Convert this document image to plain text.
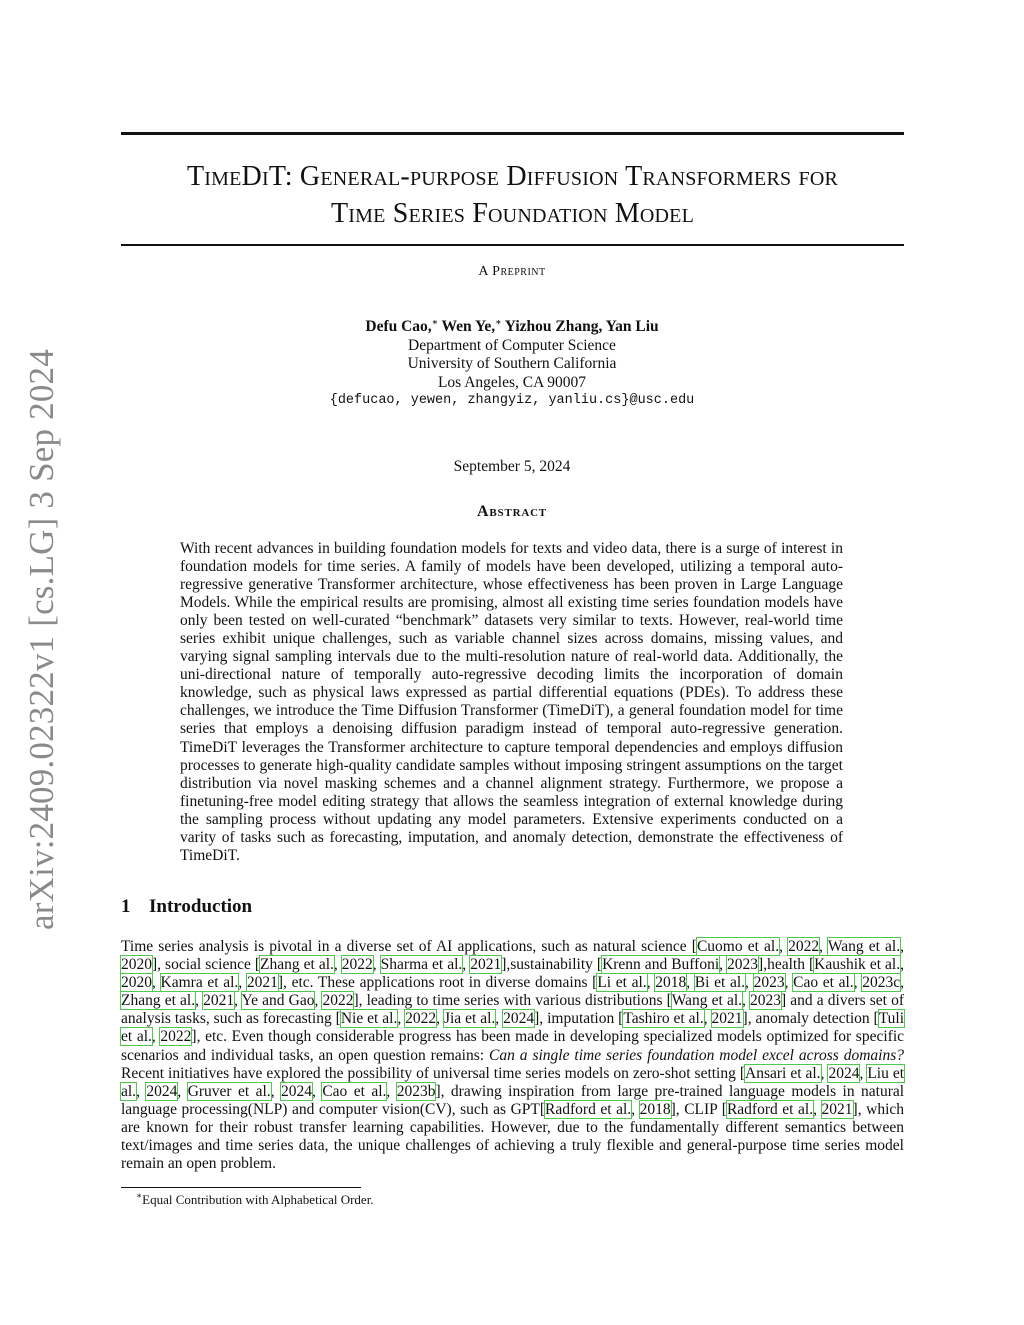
arXiv:2409.02322v1 [cs.LG] 3 Sep 2024
TimeDiT: General-purpose Diffusion Transformers for
Time Series Foundation Model
A Preprint
Defu Cao,∗ Wen Ye,∗ Yizhou Zhang, Yan Liu
Department of Computer Science
University of Southern California
Los Angeles, CA 90007
{defucao, yewen, zhangyiz, yanliu.cs}@usc.edu
September 5, 2024
Abstract
With recent advances in building foundation models for texts and video data, there is a surge of interest in foundation models for time series. A family of models have been developed, utilizing a temporal auto-regressive generative Transformer architecture, whose effectiveness has been proven in Large Language Models. While the empirical results are promising, almost all existing time series foundation models have only been tested on well-curated “benchmark” datasets very similar to texts. However, real-world time series exhibit unique challenges, such as variable channel sizes across domains, missing values, and varying signal sampling intervals due to the multi-resolution nature of real-world data. Additionally, the uni-directional nature of temporally auto-regressive decoding limits the incorporation of domain knowledge, such as physical laws expressed as partial differential equations (PDEs). To address these challenges, we introduce the Time Diffusion Transformer (TimeDiT), a general foundation model for time series that employs a denoising diffusion paradigm instead of temporal auto-regressive generation. TimeDiT leverages the Transformer architecture to capture temporal dependencies and employs diffusion processes to generate high-quality candidate samples without imposing stringent assumptions on the target distribution via novel masking schemes and a channel alignment strategy. Furthermore, we propose a finetuning-free model editing strategy that allows the seamless integration of external knowledge during the sampling process without updating any model parameters. Extensive experiments conducted on a varity of tasks such as forecasting, imputation, and anomaly detection, demonstrate the effectiveness of TimeDiT.
1 Introduction
Time series analysis is pivotal in a diverse set of AI applications, such as natural science [Cuomo et al., 2022, Wang et al., 2020], social science [Zhang et al., 2022, Sharma et al., 2021],sustainability [Krenn and Buffoni, 2023],health [Kaushik et al., 2020, Kamra et al., 2021], etc. These applications root in diverse domains [Li et al., 2018, Bi et al., 2023, Cao et al., 2023c, Zhang et al., 2021, Ye and Gao, 2022], leading to time series with various distributions [Wang et al., 2023] and a divers set of analysis tasks, such as forecasting [Nie et al., 2022, Jia et al., 2024], imputation [Tashiro et al., 2021], anomaly detection [Tuli et al., 2022], etc. Even though considerable progress has been made in developing specialized models optimized for specific scenarios and individual tasks, an open question remains: Can a single time series foundation model excel across domains? Recent initiatives have explored the possibility of universal time series models on zero-shot setting [Ansari et al., 2024, Liu et al., 2024, Gruver et al., 2024, Cao et al., 2023b], drawing inspiration from large pre-trained language models in natural language processing(NLP) and computer vision(CV), such as GPT[Radford et al., 2018], CLIP [Radford et al., 2021], which are known for their robust transfer learning capabilities. However, due to the fundamentally different semantics between text/images and time series data, the unique challenges of achieving a truly flexible and general-purpose time series model remain an open problem.
∗Equal Contribution with Alphabetical Order.
